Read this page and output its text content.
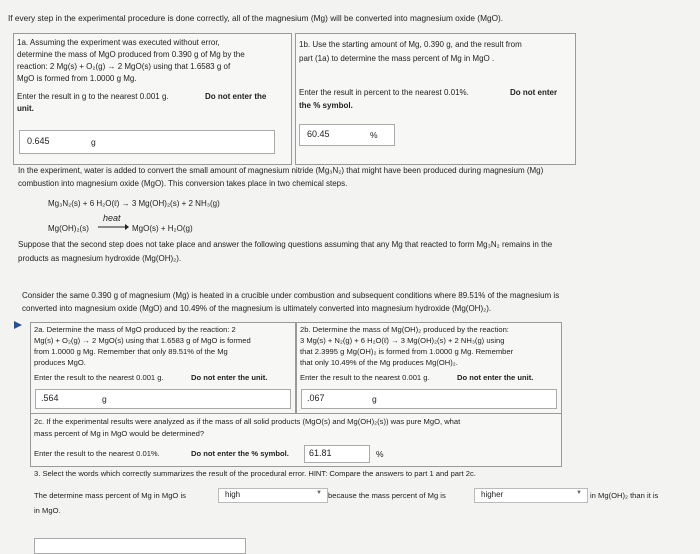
If every step in the experimental procedure is done correctly, all of the magnesium (Mg) will be converted into magnesium oxide (MgO).
1a. Assuming the experiment was executed without error,
determine the mass of MgO produced from 0.390 g of Mg by the
reaction: 2 Mg(s) + O₂(g) → 2 MgO(s) using that 1.6583 g of
MgO is formed from 1.0000 g Mg.
Enter the result in g to the nearest 0.001 g.	Do not enter the
unit.
0.645	g
1b. Use the starting amount of Mg, 0.390 g, and the result from
part (1a) to determine the mass percent of Mg in MgO .
Enter the result in percent to the nearest 0.01%.	Do not enter
the % symbol.
60.45	%
In the experiment, water is added to convert the small amount of magnesium nitride (Mg₃N₂) that might have been produced during magnesium (Mg)
combustion into magnesium oxide (MgO). This conversion takes place in two chemical steps.
Mg₃N₂(s) + 6 H₂O(ℓ) → 3 Mg(OH)₂(s) + 2 NH₃(g)
Mg(OH)₂(s)
heat
→ MgO(s) + H₂O(g)
Suppose that the second step does not take place and answer the following questions assuming that any Mg that reacted to form Mg₃N₂ remains in the
products as magnesium hydroxide (Mg(OH)₂).
Consider the same 0.390 g of magnesium (Mg) is heated in a crucible under combustion and subsequent conditions where 89.51% of the magnesium is
converted into magnesium oxide (MgO) and 10.49% of the magnesium is ultimately converted into magnesium hydroxide (Mg(OH)₂).
2a. Determine the mass of MgO produced by the reaction: 2
Mg(s) + O₂(g) → 2 MgO(s) using that 1.6583 g of MgO is formed
from 1.0000 g Mg. Remember that only 89.51% of the Mg
produces MgO.
Enter the result to the nearest 0.001 g.	Do not enter the unit.
.564	g
2b. Determine the mass of Mg(OH)₂ produced by the reaction:
3 Mg(s) + N₂(g) + 6 H₂O(ℓ) → 3 Mg(OH)₂(s) + 2 NH₃(g) using
that 2.3995 g Mg(OH)₂ is formed from 1.0000 g Mg. Remember
that only 10.49% of the Mg produces Mg(OH)₂.
Enter the result to the nearest 0.001 g.	Do not enter the unit.
.067	g
2c. If the experimental results were analyzed as if the mass of all solid products (MgO(s) and Mg(OH)₂(s)) was pure MgO, what
mass percent of Mg in MgO would be determined?
Enter the result to the nearest 0.01%.	Do not enter the % symbol. 61.81	%
3. Select the words which correctly summarizes the result of the procedural error. HINT: Compare the answers to part 1 and part 2c.
The determine mass percent of Mg in MgO is	high	▼ because the mass percent of Mg is	higher	▼ in Mg(OH)₂ than it is
in MgO.
